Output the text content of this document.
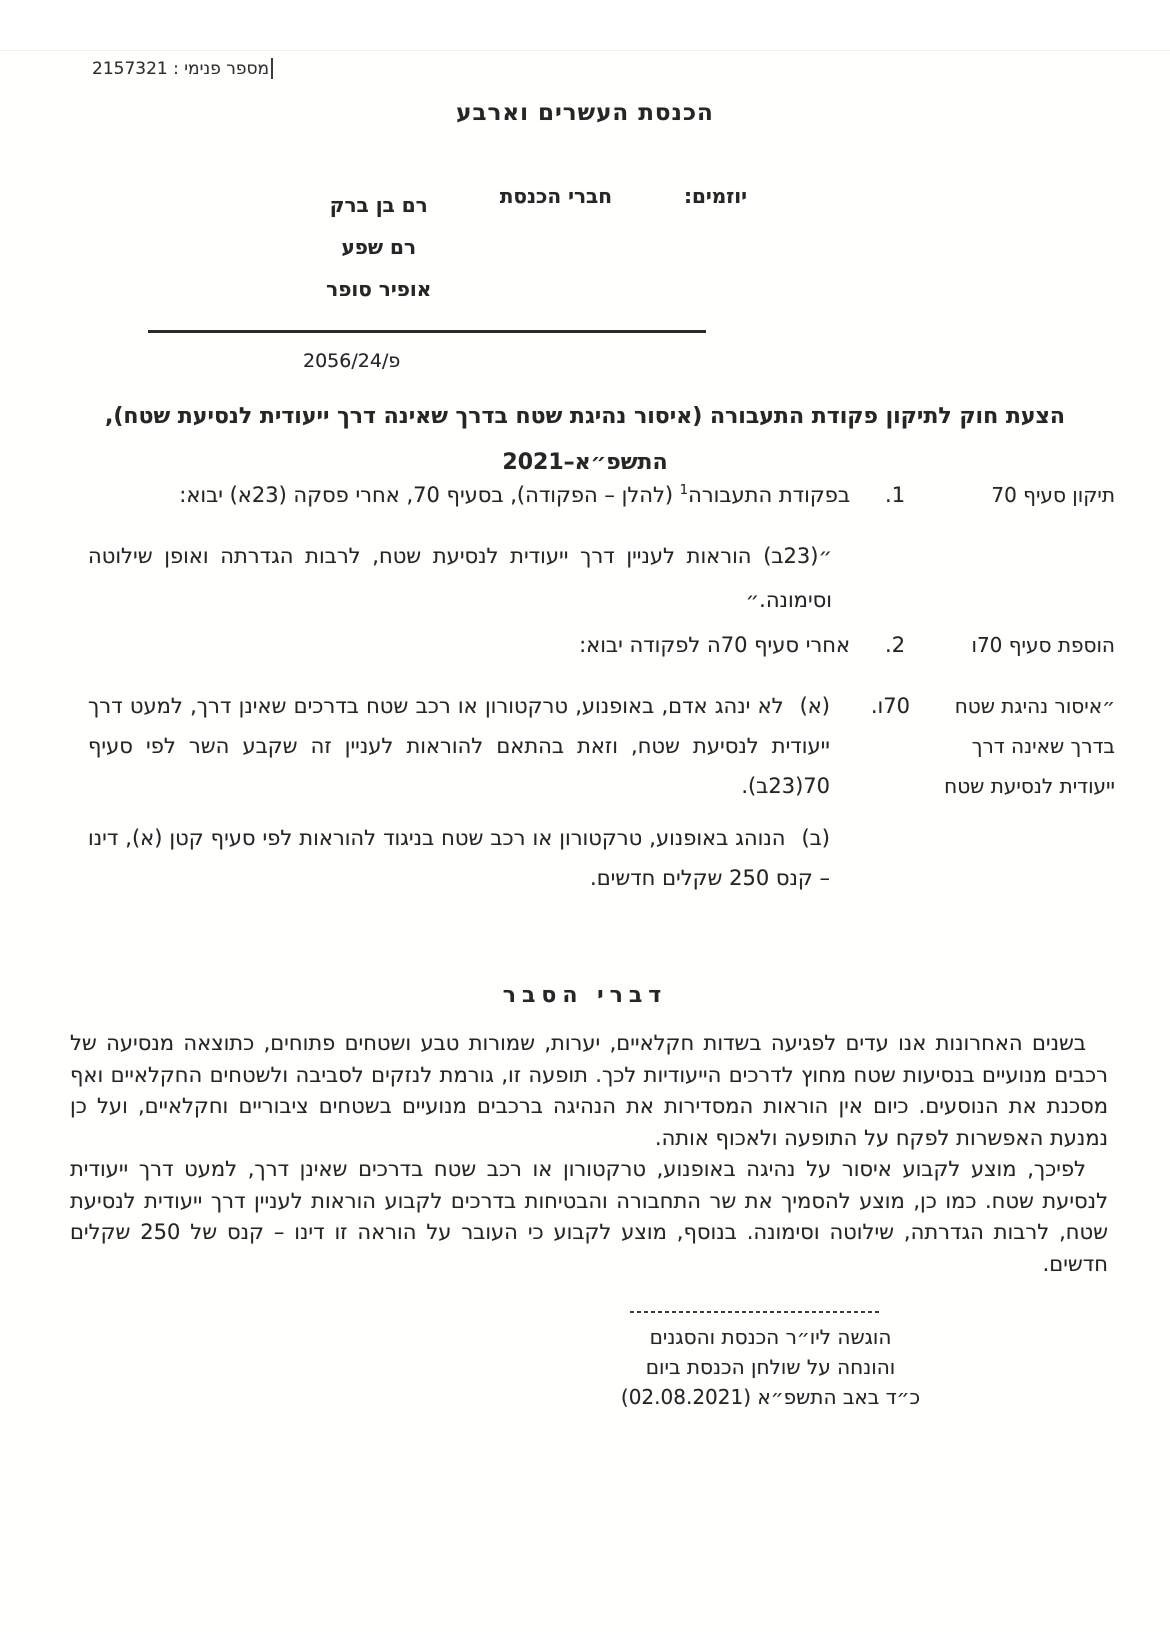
מספר פנימי : 2157321
הכנסת העשרים וארבע
יוזמים:
חברי הכנסת
רם בן ברק
רם שפע
אופיר סופר
פ/2056/24
הצעת חוק לתיקון פקודת התעבורה (איסור נהיגת שטח בדרך שאינה דרך ייעודית לנסיעת שטח),
התשפ״א–2021
תיקון סעיף 70
1.
בפקודת התעבורה$^1$ (להלן – הפקודה), בסעיף 70, אחרי פסקה (23א) יבוא:
״(23ב) הוראות לעניין דרך ייעודית לנסיעת שטח, לרבות הגדרתה ואופן שילוטה וסימונה.״
הוספת סעיף 70ו
2.
אחרי סעיף 70ה לפקודה יבוא:
״איסור נהיגת שטח בדרך שאינה דרך ייעודית לנסיעת שטח
70ו.

(א)לא ינהג אדם, באופנוע, טרקטורון או רכב שטח בדרכים שאינן דרך, למעט דרך ייעודית לנסיעת שטח, וזאת בהתאם להוראות לעניין זה שקבע השר לפי סעיף 70(23ב).

(ב)הנוהג באופנוע, טרקטורון או רכב שטח בניגוד להוראות לפי סעיף קטן (א), דינו – קנס 250 שקלים חדשים.

דברי הסבר

בשנים האחרונות אנו עדים לפגיעה בשדות חקלאיים, יערות, שמורות טבע ושטחים פתוחים, כתוצאה מנסיעה של רכבים מנועיים בנסיעות שטח מחוץ לדרכים הייעודיות לכך. תופעה זו, גורמת לנזקים לסביבה ולשטחים החקלאיים ואף מסכנת את הנוסעים. כיום אין הוראות המסדירות את הנהיגה ברכבים מנועיים בשטחים ציבוריים וחקלאיים, ועל כן נמנעת האפשרות לפקח על התופעה ולאכוף אותה.

לפיכך, מוצע לקבוע איסור על נהיגה באופנוע, טרקטורון או רכב שטח בדרכים שאינן דרך, למעט דרך ייעודית לנסיעת שטח. כמו כן, מוצע להסמיך את שר התחבורה והבטיחות בדרכים לקבוע הוראות לעניין דרך ייעודית לנסיעת שטח, לרבות הגדרתה, שילוטה וסימונה. בנוסף, מוצע לקבוע כי העובר על הוראה זו דינו – קנס של 250 שקלים חדשים.

הוגשה ליו״ר הכנסת והסגנים
והונחה על שולחן הכנסת ביום
כ״ד באב התשפ״א (02.08.2021)
